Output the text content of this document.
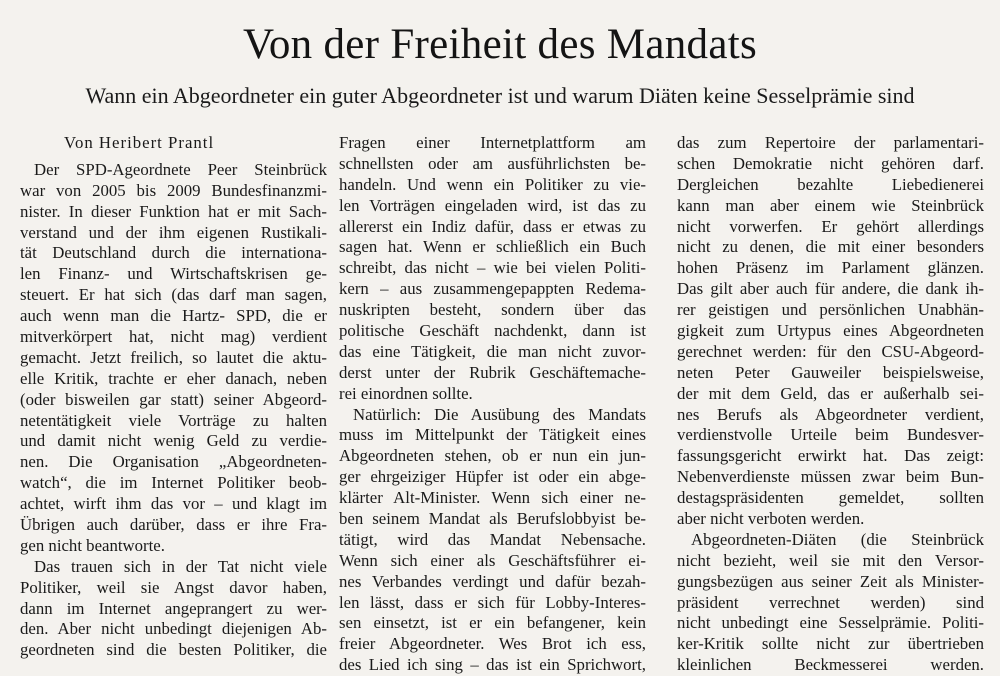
Von der Freiheit des Mandats
Wann ein Abgeordneter ein guter Abgeordneter ist und warum Diäten keine Sesselprämie sind
Von Heribert Prantl
Der SPD-Ageordnete Peer Steinbrück
war von 2005 bis 2009 Bundesfinanzmi-
nister. In dieser Funktion hat er mit Sach-
verstand und der ihm eigenen Rustikali-
tät Deutschland durch die internationa-
len Finanz- und Wirtschaftskrisen ge-
steuert. Er hat sich (das darf man sagen,
auch wenn man die Hartz- SPD, die er
mitverkörpert hat, nicht mag) verdient
gemacht. Jetzt freilich, so lautet die aktu-
elle Kritik, trachte er eher danach, neben
(oder bisweilen gar statt) seiner Abgeord-
netentätigkeit viele Vorträge zu halten
und damit nicht wenig Geld zu verdie-
nen. Die Organisation „Abgeordneten-
watch“, die im Internet Politiker beob-
achtet, wirft ihm das vor – und klagt im
Übrigen auch darüber, dass er ihre Fra-
gen nicht beantworte.
Das trauen sich in der Tat nicht viele
Politiker, weil sie Angst davor haben,
dann im Internet angeprangert zu wer-
den. Aber nicht unbedingt diejenigen Ab-
geordneten sind die besten Politiker, die
Fragen einer Internetplattform am
schnellsten oder am ausführlichsten be-
handeln. Und wenn ein Politiker zu vie-
len Vorträgen eingeladen wird, ist das zu
allererst ein Indiz dafür, dass er etwas zu
sagen hat. Wenn er schließlich ein Buch
schreibt, das nicht – wie bei vielen Politi-
kern – aus zusammengepappten Redema-
nuskripten besteht, sondern über das
politische Geschäft nachdenkt, dann ist
das eine Tätigkeit, die man nicht zuvor-
derst unter der Rubrik Geschäftemache-
rei einordnen sollte.
Natürlich: Die Ausübung des Mandats
muss im Mittelpunkt der Tätigkeit eines
Abgeordneten stehen, ob er nun ein jun-
ger ehrgeiziger Hüpfer ist oder ein abge-
klärter Alt-Minister. Wenn sich einer ne-
ben seinem Mandat als Berufslobbyist be-
tätigt, wird das Mandat Nebensache.
Wenn sich einer als Geschäftsführer ei-
nes Verbandes verdingt und dafür bezah-
len lässt, dass er sich für Lobby-Interes-
sen einsetzt, ist er ein befangener, kein
freier Abgeordneter. Wes Brot ich ess,
des Lied ich sing – das ist ein Sprichwort,
das zum Repertoire der parlamentari-
schen Demokratie nicht gehören darf.
Dergleichen bezahlte Liebedienerei
kann man aber einem wie Steinbrück
nicht vorwerfen. Er gehört allerdings
nicht zu denen, die mit einer besonders
hohen Präsenz im Parlament glänzen.
Das gilt aber auch für andere, die dank ih-
rer geistigen und persönlichen Unabhän-
gigkeit zum Urtypus eines Abgeordneten
gerechnet werden: für den CSU-Abgeord-
neten Peter Gauweiler beispielsweise,
der mit dem Geld, das er außerhalb sei-
nes Berufs als Abgeordneter verdient,
verdienstvolle Urteile beim Bundesver-
fassungsgericht erwirkt hat. Das zeigt:
Nebenverdienste müssen zwar beim Bun-
destagspräsidenten gemeldet, sollten
aber nicht verboten werden.
Abgeordneten-Diäten (die Steinbrück
nicht bezieht, weil sie mit den Versor-
gungsbezügen aus seiner Zeit als Minister-
präsident verrechnet werden) sind
nicht unbedingt eine Sesselprämie. Politi-
ker-Kritik sollte nicht zur übertrieben
kleinlichen Beckmesserei werden.
